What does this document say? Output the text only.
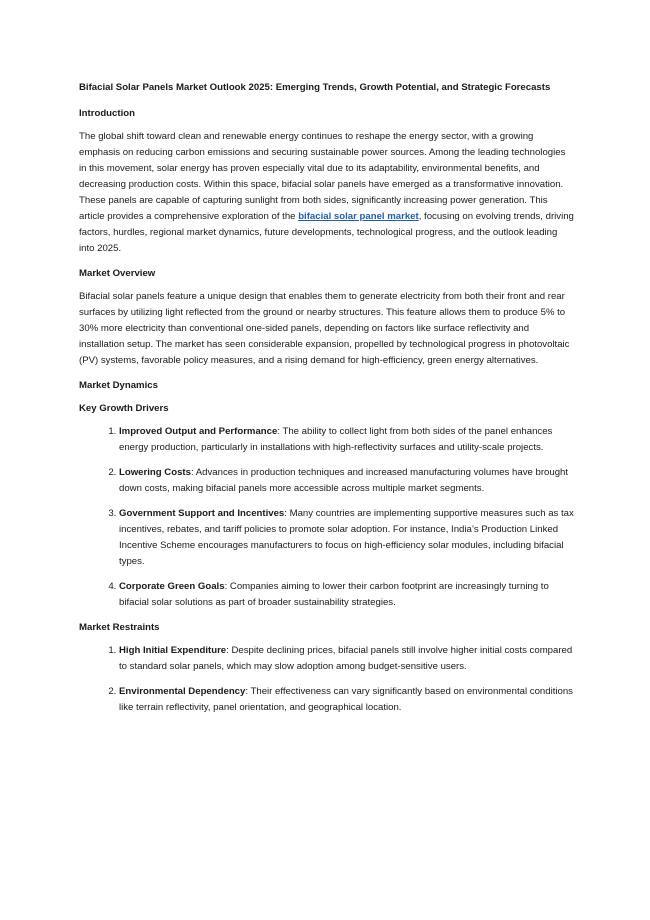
Bifacial Solar Panels Market Outlook 2025: Emerging Trends, Growth Potential, and Strategic Forecasts
Introduction

The global shift toward clean and renewable energy continues to reshape the energy sector, with a growing emphasis on reducing carbon emissions and securing sustainable power sources. Among the leading technologies in this movement, solar energy has proven especially vital due to its adaptability, environmental benefits, and decreasing production costs. Within this space, bifacial solar panels have emerged as a transformative innovation. These panels are capable of capturing sunlight from both sides, significantly increasing power generation. This article provides a comprehensive exploration of the bifacial solar panel market, focusing on evolving trends, driving factors, hurdles, regional market dynamics, future developments, technological progress, and the outlook leading into 2025.

Market Overview

Bifacial solar panels feature a unique design that enables them to generate electricity from both their front and rear surfaces by utilizing light reflected from the ground or nearby structures. This feature allows them to produce 5% to 30% more electricity than conventional one-sided panels, depending on factors like surface reflectivity and installation setup. The market has seen considerable expansion, propelled by technological progress in photovoltaic (PV) systems, favorable policy measures, and a rising demand for high-efficiency, green energy alternatives.

Market Dynamics
Key Growth Drivers
1. Improved Output and Performance: The ability to collect light from both sides of the panel enhances energy production, particularly in installations with high-reflectivity surfaces and utility-scale projects.
2. Lowering Costs: Advances in production techniques and increased manufacturing volumes have brought down costs, making bifacial panels more accessible across multiple market segments.
3. Government Support and Incentives: Many countries are implementing supportive measures such as tax incentives, rebates, and tariff policies to promote solar adoption. For instance, India’s Production Linked Incentive Scheme encourages manufacturers to focus on high-efficiency solar modules, including bifacial types.
4. Corporate Green Goals: Companies aiming to lower their carbon footprint are increasingly turning to bifacial solar solutions as part of broader sustainability strategies.
Market Restraints
1. High Initial Expenditure: Despite declining prices, bifacial panels still involve higher initial costs compared to standard solar panels, which may slow adoption among budget-sensitive users.
2. Environmental Dependency: Their effectiveness can vary significantly based on environmental conditions like terrain reflectivity, panel orientation, and geographical location.
